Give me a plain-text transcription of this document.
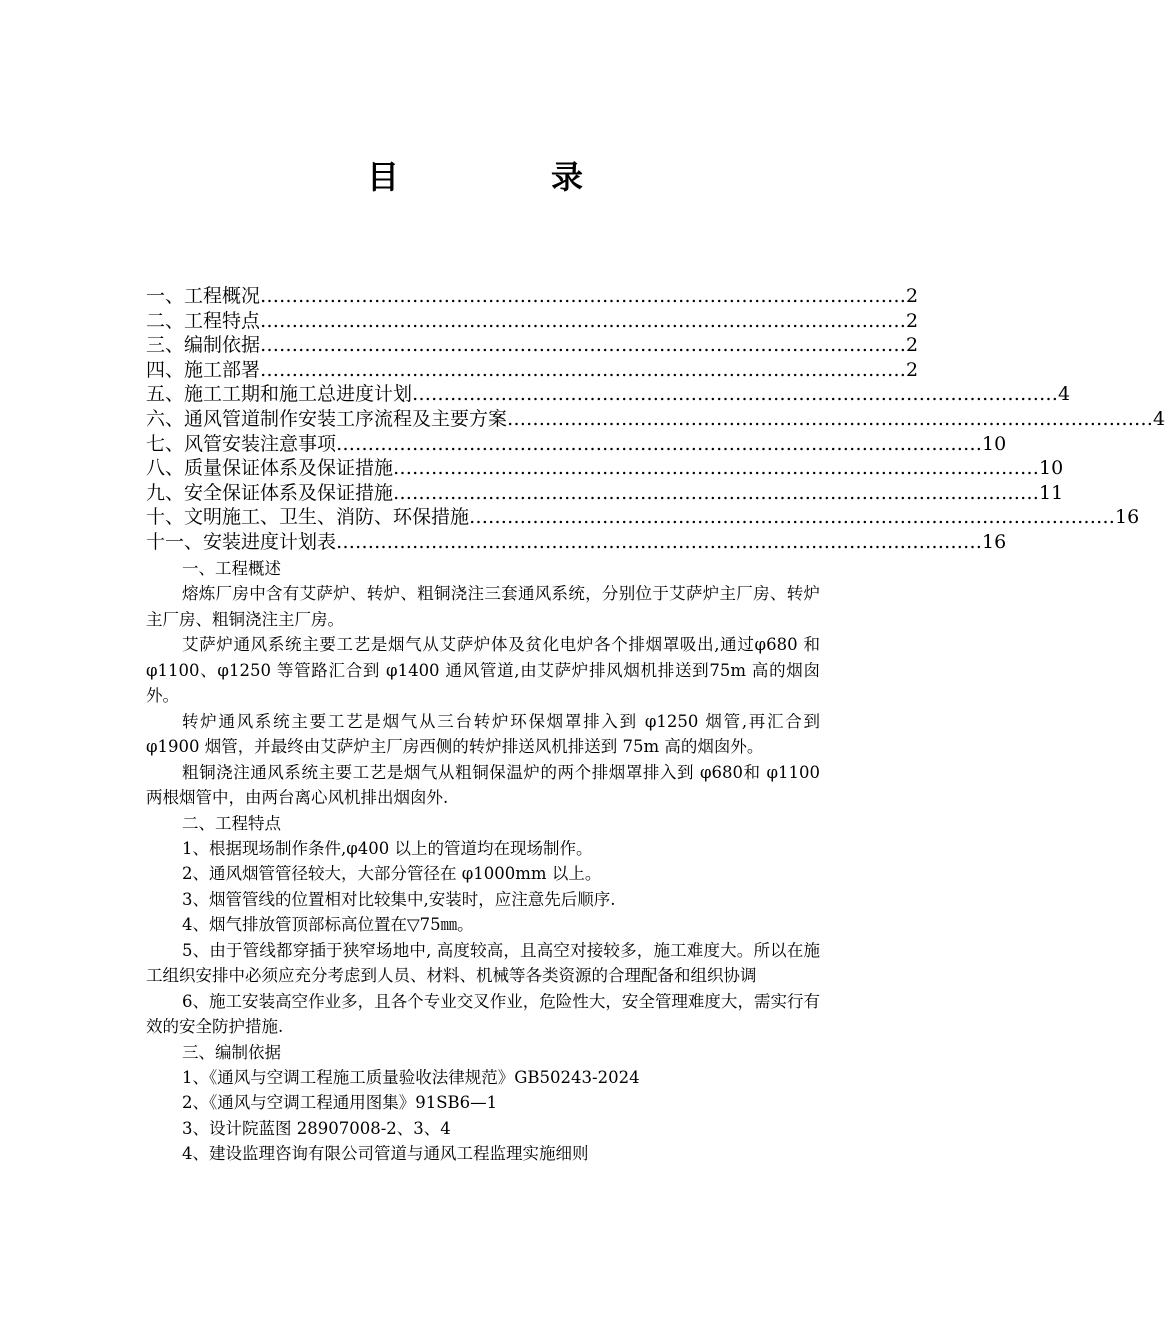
目　录
一、 工程概况 ………………………………………………………………………………………… 2
二、 工程特点 ………………………………………………………………………………………… 2
三、 编制依据 ………………………………………………………………………………………… 2
四、 施工部署 ………………………………………………………………………………………… 2
五、 施工工期和施工总进度计划 ………………………………………………………………………………………… 4
六、 通风管道制作安装工序流程及主要方案 ………………………………………………………………………………………… 4
七、 风管安装注意事项 ………………………………………………………………………………………… 10
八、 质量保证体系及保证措施 ………………………………………………………………………………………… 10
九、 安全保证体系及保证措施 ………………………………………………………………………………………… 11
十、 文明施工、卫生、消防、环保措施 ………………………………………………………………………………………… 16
十一、 安装进度计划表 ………………………………………………………………………………………… 16
一、工程概述

熔炼厂房中含有艾萨炉、转炉、粗铜浇注三套通风系统，分别位于艾萨炉主厂房、转炉主厂房、粗铜浇注主厂房。

艾萨炉通风系统主要工艺是烟气从艾萨炉体及贫化电炉各个排烟罩吸出,通过φ680 和 φ1100、φ1250 等管路汇合到 φ1400 通风管道,由艾萨炉排风烟机排送到75m 高的烟囱外。

转炉通风系统主要工艺是烟气从三台转炉环保烟罩排入到 φ1250 烟管,再汇合到 φ1900 烟管，并最终由艾萨炉主厂房西侧的转炉排送风机排送到 75m 高的烟囱外。

粗铜浇注通风系统主要工艺是烟气从粗铜保温炉的两个排烟罩排入到 φ680和 φ1100 两根烟管中，由两台离心风机排出烟囱外.

二、工程特点
1、根据现场制作条件,φ400 以上的管道均在现场制作。
2、通风烟管管径较大，大部分管径在 φ1000mm 以上。
3、烟管管线的位置相对比较集中,安装时，应注意先后顺序.
4、烟气排放管顶部标高位置在▽75㎜。

5、由于管线都穿插于狭窄场地中, 高度较高，且高空对接较多，施工难度大。所以在施工组织安排中必须应充分考虑到人员、材料、机械等各类资源的合理配备和组织协调

6、施工安装高空作业多，且各个专业交叉作业，危险性大，安全管理难度大，需实行有效的安全防护措施.

三、编制依据
1、《通风与空调工程施工质量验收法律规范》GB50243-2024
2、《通风与空调工程通用图集》91SB6—1
3、设计院蓝图 28907008-2、3、4
4、建设监理咨询有限公司管道与通风工程监理实施细则
